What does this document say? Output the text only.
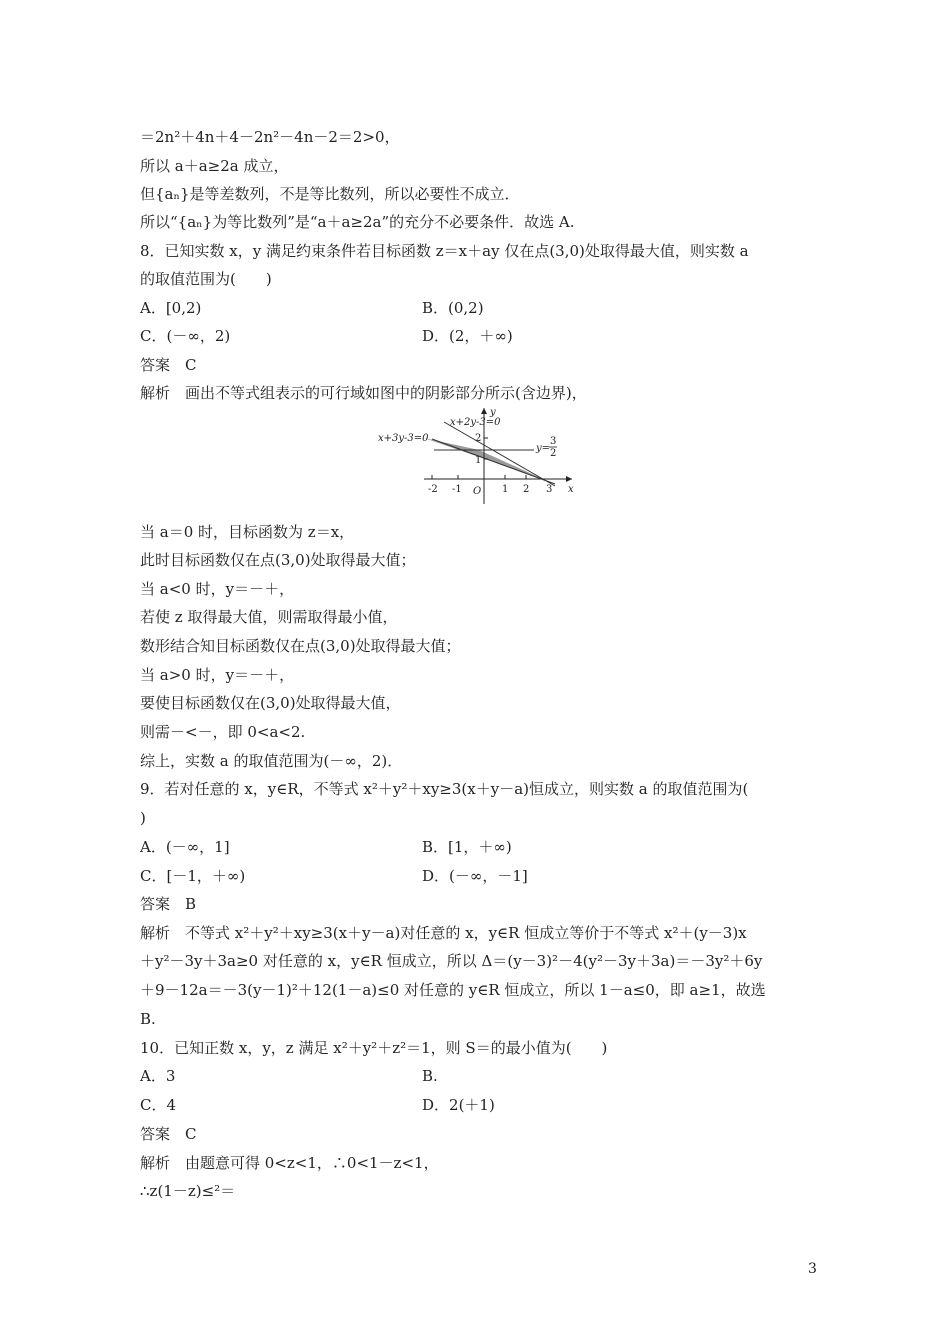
＝2n²＋4n＋4－2n²－4n－2＝2>0，
所以 a＋a≥2a 成立，
但{aₙ}是等差数列，不是等比数列，所以必要性不成立．
所以“{aₙ}为等比数列”是“a＋a≥2a”的充分不必要条件．故选 A.
8．已知实数 x，y 满足约束条件若目标函数 z＝x＋ay 仅在点(3,0)处取得最大值，则实数 a
的取值范围为(　　)
A．[0,2)	B．(0,2)
C．(－∞，2)	D．(2，＋∞)
答案　C
解析　画出不等式组表示的可行域如图中的阴影部分所示(含边界)，
x+2y-3=0
x+3y-3=0
y=
3
2
y
x
O
-2 -1	1 2 3
2
1
当 a＝0 时，目标函数为 z＝x，
此时目标函数仅在点(3,0)处取得最大值；
当 a<0 时，y＝－＋，
若使 z 取得最大值，则需取得最小值，
数形结合知目标函数仅在点(3,0)处取得最大值；
当 a>0 时，y＝－＋，
要使目标函数仅在(3,0)处取得最大值，
则需－<－，即 0<a<2.
综上，实数 a 的取值范围为(－∞，2)．
9．若对任意的 x，y∈R，不等式 x²＋y²＋xy≥3(x＋y－a)恒成立，则实数 a 的取值范围为(
)
A．(－∞，1]	B．[1，＋∞)
C．[－1，＋∞)	D．(－∞，－1]
答案　B
解析　不等式 x²＋y²＋xy≥3(x＋y－a)对任意的 x，y∈R 恒成立等价于不等式 x²＋(y－3)x
＋y²－3y＋3a≥0 对任意的 x，y∈R 恒成立，所以 Δ＝(y－3)²－4(y²－3y＋3a)＝－3y²＋6y
＋9－12a＝－3(y－1)²＋12(1－a)≤0 对任意的 y∈R 恒成立，所以 1－a≤0，即 a≥1，故选
B.
10．已知正数 x，y，z 满足 x²＋y²＋z²＝1，则 S＝的最小值为(　　)
A．3	B.
C．4	D．2(＋1)
答案　C
解析　由题意可得 0<z<1，∴0<1－z<1，
∴z(1－z)≤²＝
3
